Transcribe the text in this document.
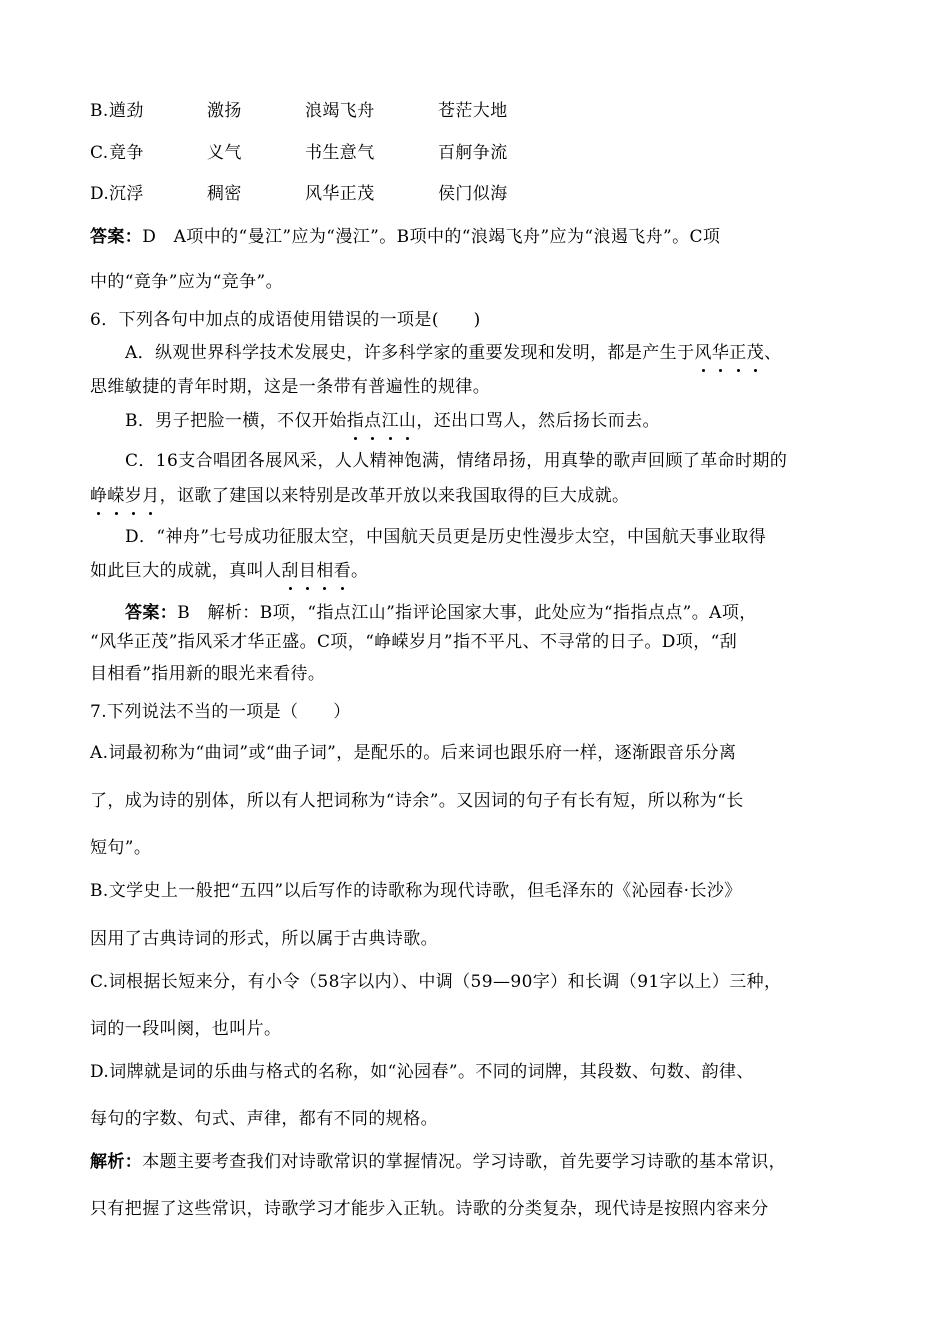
B. 遒劲	激扬	浪竭飞舟	苍茫大地
C. 竟争	义气	书生意气	百舸争流
D. 沉浮	稠密	风华正茂	侯门似海
答案：D　A项中的“曼江”应为“漫江”。B项中的“浪竭飞舟”应为“浪遏飞舟”。C项
中的“竟争”应为“竞争”。
6．下列各句中加点的成语使用错误的一项是(　　)
A．纵观世界科学技术发展史，许多科学家的重要发现和发明，都是产生于风华正茂、
思维敏捷的青年时期，这是一条带有普遍性的规律。
B．男子把脸一横，不仅开始指点江山，还出口骂人，然后扬长而去。
C．16支合唱团各展风采，人人精神饱满，情绪昂扬，用真挚的歌声回顾了革命时期的
峥嵘岁月，讴歌了建国以来特别是改革开放以来我国取得的巨大成就。
D．“神舟”七号成功征服太空，中国航天员更是历史性漫步太空，中国航天事业取得
如此巨大的成就，真叫人刮目相看。
答案：B　解析：B项，“指点江山”指评论国家大事，此处应为“指指点点”。A项，
“风华正茂”指风采才华正盛。C项，“峥嵘岁月”指不平凡、不寻常的日子。D项，“刮
目相看”指用新的眼光来看待。
7.下列说法不当的一项是（　　）
A.词最初称为“曲词”或“曲子词”，是配乐的。后来词也跟乐府一样，逐渐跟音乐分离
了，成为诗的别体，所以有人把词称为“诗余”。又因词的句子有长有短，所以称为“长
短句”。
B.文学史上一般把“五四”以后写作的诗歌称为现代诗歌，但毛泽东的《沁园春·长沙》
因用了古典诗词的形式，所以属于古典诗歌。
C.词根据长短来分，有小令（58字以内）、中调（59—90字）和长调（91字以上）三种，
词的一段叫阕，也叫片。
D.词牌就是词的乐曲与格式的名称，如“沁园春”。不同的词牌，其段数、句数、韵律、
每句的字数、句式、声律，都有不同的规格。
解析：本题主要考查我们对诗歌常识的掌握情况。学习诗歌，首先要学习诗歌的基本常识，
只有把握了这些常识，诗歌学习才能步入正轨。诗歌的分类复杂，现代诗是按照内容来分
